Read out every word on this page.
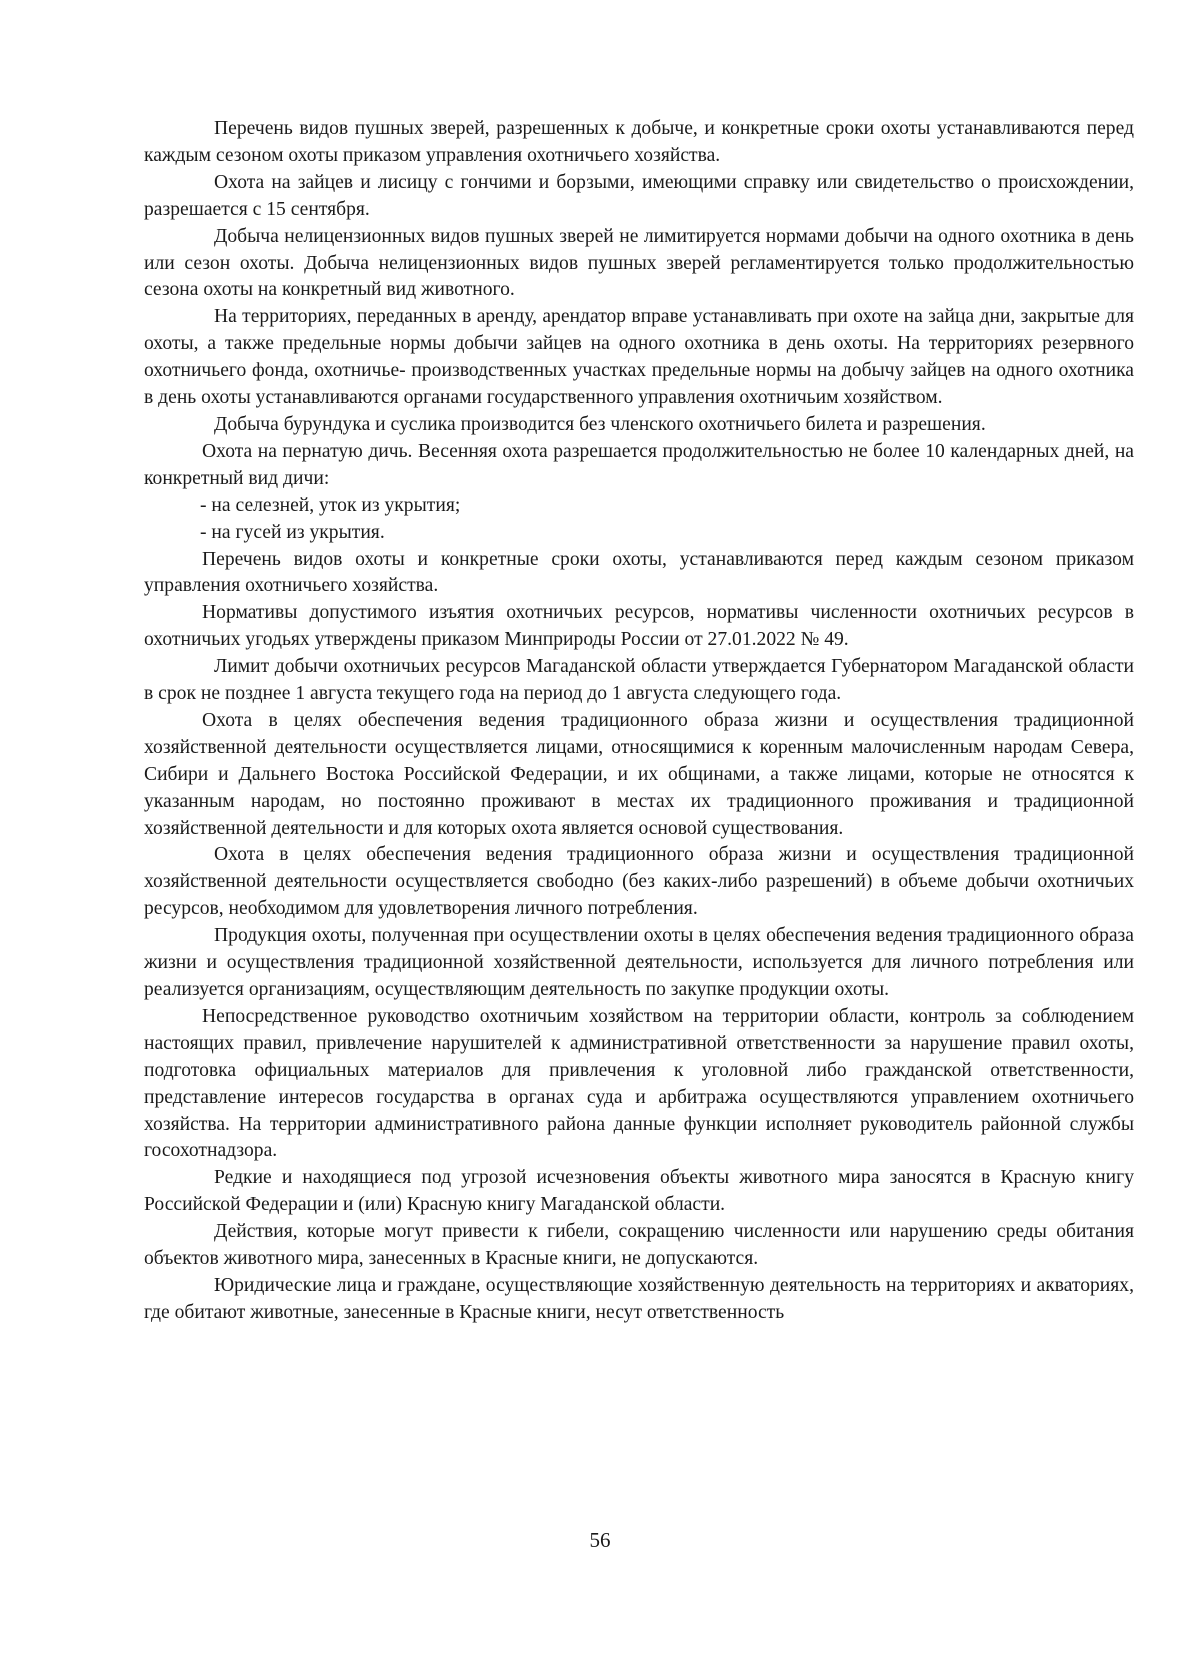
Перечень видов пушных зверей, разрешенных к добыче, и конкретные сроки охоты устанавливаются перед каждым сезоном охоты приказом управления охотничьего хозяйства.

Охота на зайцев и лисицу с гончими и борзыми, имеющими справку или свидетельство о происхождении, разрешается с 15 сентября.

Добыча нелицензионных видов пушных зверей не лимитируется нормами добычи на одного охотника в день или сезон охоты. Добыча нелицензионных видов пушных зверей регламентируется только продолжительностью сезона охоты на конкретный вид животного.

На территориях, переданных в аренду, арендатор вправе устанавливать при охоте на зайца дни, закрытые для охоты, а также предельные нормы добычи зайцев на одного охотника в день охоты. На территориях резервного охотничьего фонда, охотничье- производственных участках предельные нормы на добычу зайцев на одного охотника в день охоты устанавливаются органами государственного управления охотничьим хозяйством.

Добыча бурундука и суслика производится без членского охотничьего билета и разрешения.

Охота на пернатую дичь. Весенняя охота разрешается продолжительностью не более 10 календарных дней, на конкретный вид дичи:

- на селезней, уток из укрытия;

- на гусей из укрытия.

Перечень видов охоты и конкретные сроки охоты, устанавливаются перед каждым сезоном приказом управления охотничьего хозяйства.

Нормативы допустимого изъятия охотничьих ресурсов, нормативы численности охотничьих ресурсов в охотничьих угодьях утверждены приказом Минприроды России от 27.01.2022 № 49.

Лимит добычи охотничьих ресурсов Магаданской области утверждается Губернатором Магаданской области в срок не позднее 1 августа текущего года на период до 1 августа следующего года.

Охота в целях обеспечения ведения традиционного образа жизни и осуществления традиционной хозяйственной деятельности осуществляется лицами, относящимися к коренным малочисленным народам Севера, Сибири и Дальнего Востока Российской Федерации, и их общинами, а также лицами, которые не относятся к указанным народам, но постоянно проживают в местах их традиционного проживания и традиционной хозяйственной деятельности и для которых охота является основой существования.

Охота в целях обеспечения ведения традиционного образа жизни и осуществления традиционной хозяйственной деятельности осуществляется свободно (без каких-либо разрешений) в объеме добычи охотничьих ресурсов, необходимом для удовлетворения личного потребления.

Продукция охоты, полученная при осуществлении охоты в целях обеспечения ведения традиционного образа жизни и осуществления традиционной хозяйственной деятельности, используется для личного потребления или реализуется организациям, осуществляющим деятельность по закупке продукции охоты.

Непосредственное руководство охотничьим хозяйством на территории области, контроль за соблюдением настоящих правил, привлечение нарушителей к административной ответственности за нарушение правил охоты, подготовка официальных материалов для привлечения к уголовной либо гражданской ответственности, представление интересов государства в органах суда и арбитража осуществляются управлением охотничьего хозяйства. На территории административного района данные функции исполняет руководитель районной службы госохотнадзора.

Редкие и находящиеся под угрозой исчезновения объекты животного мира заносятся в Красную книгу Российской Федерации и (или) Красную книгу Магаданской области.

Действия, которые могут привести к гибели, сокращению численности или нарушению среды обитания объектов животного мира, занесенных в Красные книги, не допускаются.

Юридические лица и граждане, осуществляющие хозяйственную деятельность на территориях и акваториях, где обитают животные, занесенные в Красные книги, несут ответственность

56
